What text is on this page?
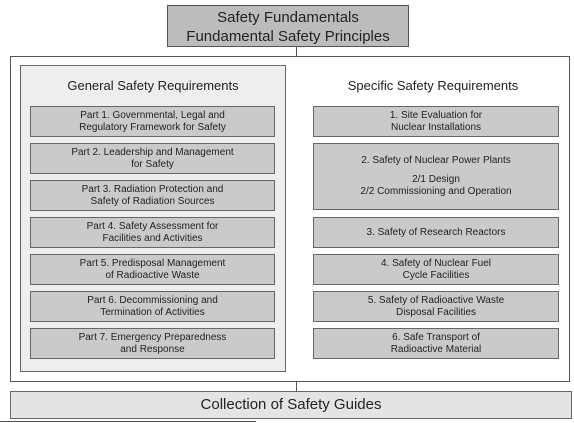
Safety Fundamentals
Fundamental Safety Principles
General Safety Requirements
Part 1. Governmental, Legal and
Regulatory Framework for Safety
Part 2. Leadership and Management
for Safety
Part 3. Radiation Protection and
Safety of Radiation Sources
Part 4. Safety Assessment for
Facilities and Activities
Part 5. Predisposal Management
of Radioactive Waste
Part 6. Decommissioning and
Termination of Activities
Part 7. Emergency Preparedness
and Response
Specific Safety Requirements
1. Site Evaluation for
Nuclear Installations
2. Safety of Nuclear Power Plants
2/1 Design
2/2 Commissioning and Operation
3. Safety of Research Reactors
4. Safety of Nuclear Fuel
Cycle Facilities
5. Safety of Radioactive Waste
Disposal Facilities
6. Safe Transport of
Radioactive Material
Collection of Safety Guides
